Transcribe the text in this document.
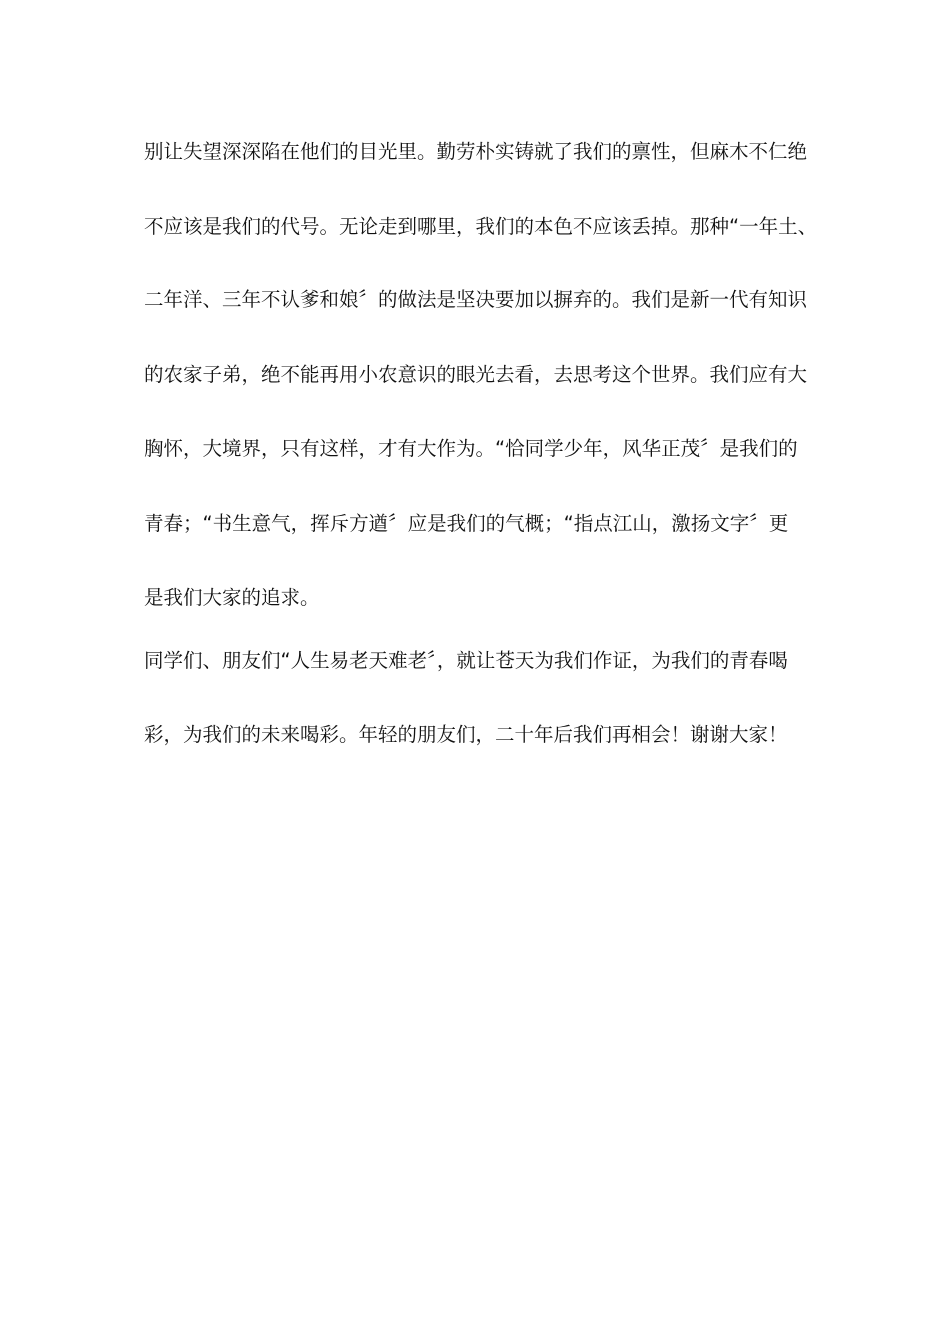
别让失望深深陷在他们的目光里。勤劳朴实铸就了我们的禀性，但麻木不仁绝

不应该是我们的代号。无论走到哪里，我们的本色不应该丢掉。那种“一年土、

二年洋、三年不认爹和娘〞的做法是坚决要加以摒弃的。我们是新一代有知识

的农家子弟，绝不能再用小农意识的眼光去看，去思考这个世界。我们应有大

胸怀，大境界，只有这样，才有大作为。“恰同学少年，风华正茂〞是我们的

青春；“书生意气，挥斥方遒〞应是我们的气概；“指点江山，激扬文字〞更

是我们大家的追求。

同学们、朋友们“人生易老天难老〞，就让苍天为我们作证，为我们的青春喝

彩，为我们的未来喝彩。年轻的朋友们，二十年后我们再相会！谢谢大家！
